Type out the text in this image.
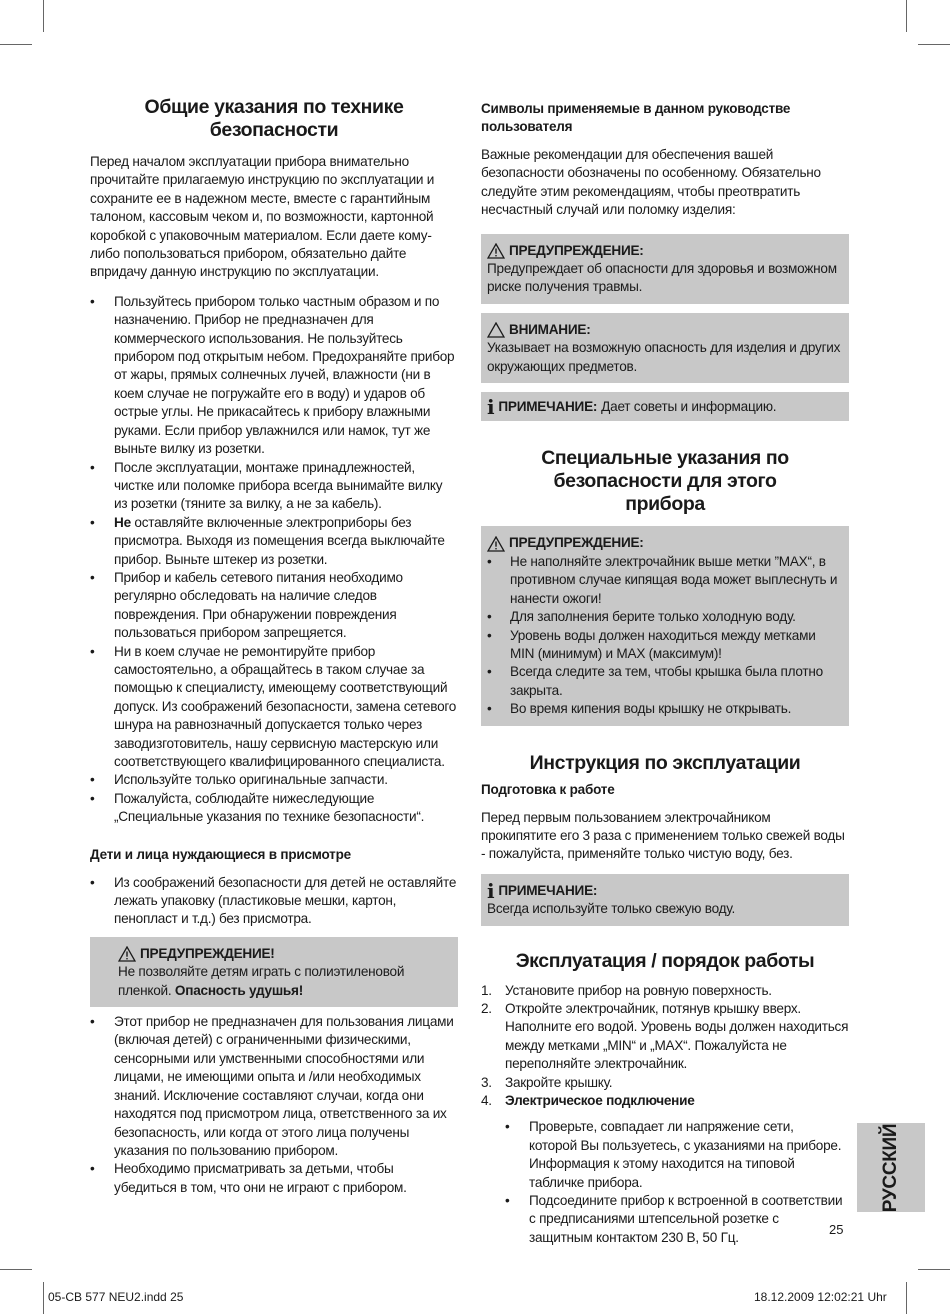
Общие указания по технике безопасности

Перед началом эксплуатации прибора внимательно прочитайте прилагаемую инструкцию по эксплуатации и сохраните ее в надежном месте, вместе с гарантийным талоном, кассовым чеком и, по возможности, картонной коробкой с упаковочным материалом. Если даете кому-либо попользоваться прибором, обязательно дайте впридачу данную инструкцию по эксплуатации.

• Пользуйтесь прибором только частным образом и по назначению. Прибор не предназначен для коммерческого использования. Не пользуйтесь прибором под открытым небом. Предохраняйте прибор от жары, прямых солнечных лучей, влажности (ни в коем случае не погружайте его в воду) и ударов об острые углы. Не прикасайтесь к прибору влажными руками. Если прибор увлажнился или намок, тут же выньте вилку из розетки.
• После эксплуатации, монтаже принадлежностей, чистке или поломке прибора всегда вынимайте вилку из розетки (тяните за вилку, а не за кабель).
• Не оставляйте включенные электроприборы без присмотра. Выходя из помещения всегда выключайте прибор. Выньте штекер из розетки.
• Прибор и кабель сетевого питания необходимо регулярно обследовать на наличие следов повреждения. При обнаружении повреждения пользоваться прибором запрещяется.
• Ни в коем случае не ремонтируйте прибор самостоятельно, а обращайтесь в таком случае за помощью к специалисту, имеющему соответствующий допуск. Из соображений безопасности, замена сетевого шнура на равнозначный допускается только через заводизготовитель, нашу сервисную мастерскую или соответствующего квалифицированного специалиста.
• Используйте только оригинальные запчасти.
• Пожалуйста, соблюдайте нижеследующие „Специальные указания по технике безопасности“.
Дети и лица нуждающиеся в присмотре
• Из соображений безопасности для детей не оставляйте лежать упаковку (пластиковые мешки, картон, пенопласт и т.д.) без присмотра.
ПРЕДУПРЕЖДЕНИЕ!
Не позволяйте детям играть с полиэтиленовой пленкой. Опасность удушья!
• Этот прибор не предназначен для пользования лицами (включая детей) с ограниченными физическими, сенсорными или умственными способностями или лицами, не имеющими опыта и /или необходимых знаний. Исключение составляют случаи, когда они находятся под присмотром лица, ответственного за их безопасность, или когда от этого лица получены указания по пользованию прибором.
• Необходимо присматривать за детьми, чтобы убедиться в том, что они не играют с прибором.
Символы применяемые в данном руководстве пользователя

Важные рекомендации для обеспечения вашей безопасности обозначены по особенному. Обязательно следуйте этим рекомендациям, чтобы преотвратить несчастный случай или поломку изделия:

ПРЕДУПРЕЖДЕНИЕ:
Предупреждает об опасности для здоровья и возможном риске получения травмы.
ВНИМАНИЕ:
Указывает на возможную опасность для изделия и других окружающих предметов.
i ПРИМЕЧАНИЕ: Дает советы и информацию.
Специальные указания по безопасности для этого прибора
ПРЕДУПРЕЖДЕНИЕ:
• Не наполняйте электрочайник выше метки ”MAX“, в противном случае кипящая вода может выплеснуть и нанести ожоги!
• Для заполнения берите только холодную воду.
• Уровень воды должен находиться между метками MIN (минимум) и MAX (максимум)!
• Всегда следите за тем, чтобы крышка была плотно закрыта.
• Во время кипения воды крышку не открывать.
Инструкция по эксплуатации
Подготовка к работе

Перед первым пользованием электрочайником прокипятите его 3 раза с применением только свежей воды - пожалуйста, применяйте только чистую воду, без.

i ПРИМЕЧАНИЕ:
Всегда используйте только свежую воду.
Эксплуатация / порядок работы
1. Установите прибор на ровную поверхность.
2. Откройте электрочайник, потянув крышку вверх. Наполните его водой. Уровень воды должен находиться между метками „MIN“ и „MAX“. Пожалуйста не переполняйте электрочайник.
3. Закройте крышку.
4. Электрическое подключение
• Проверьте, совпадает ли напряжение сети, которой Вы пользуетесь, с указаниями на приборе. Информация к этому находится на типовой табличке прибора.
• Подсоедините прибор к встроенной в соответствии с предписаниями штепсельной розетке с защитным контактом 230 В, 50 Гц.
РУССКИЙ
25
05-CB 577 NEU2.indd 25	18.12.2009 12:02:21 Uhr
